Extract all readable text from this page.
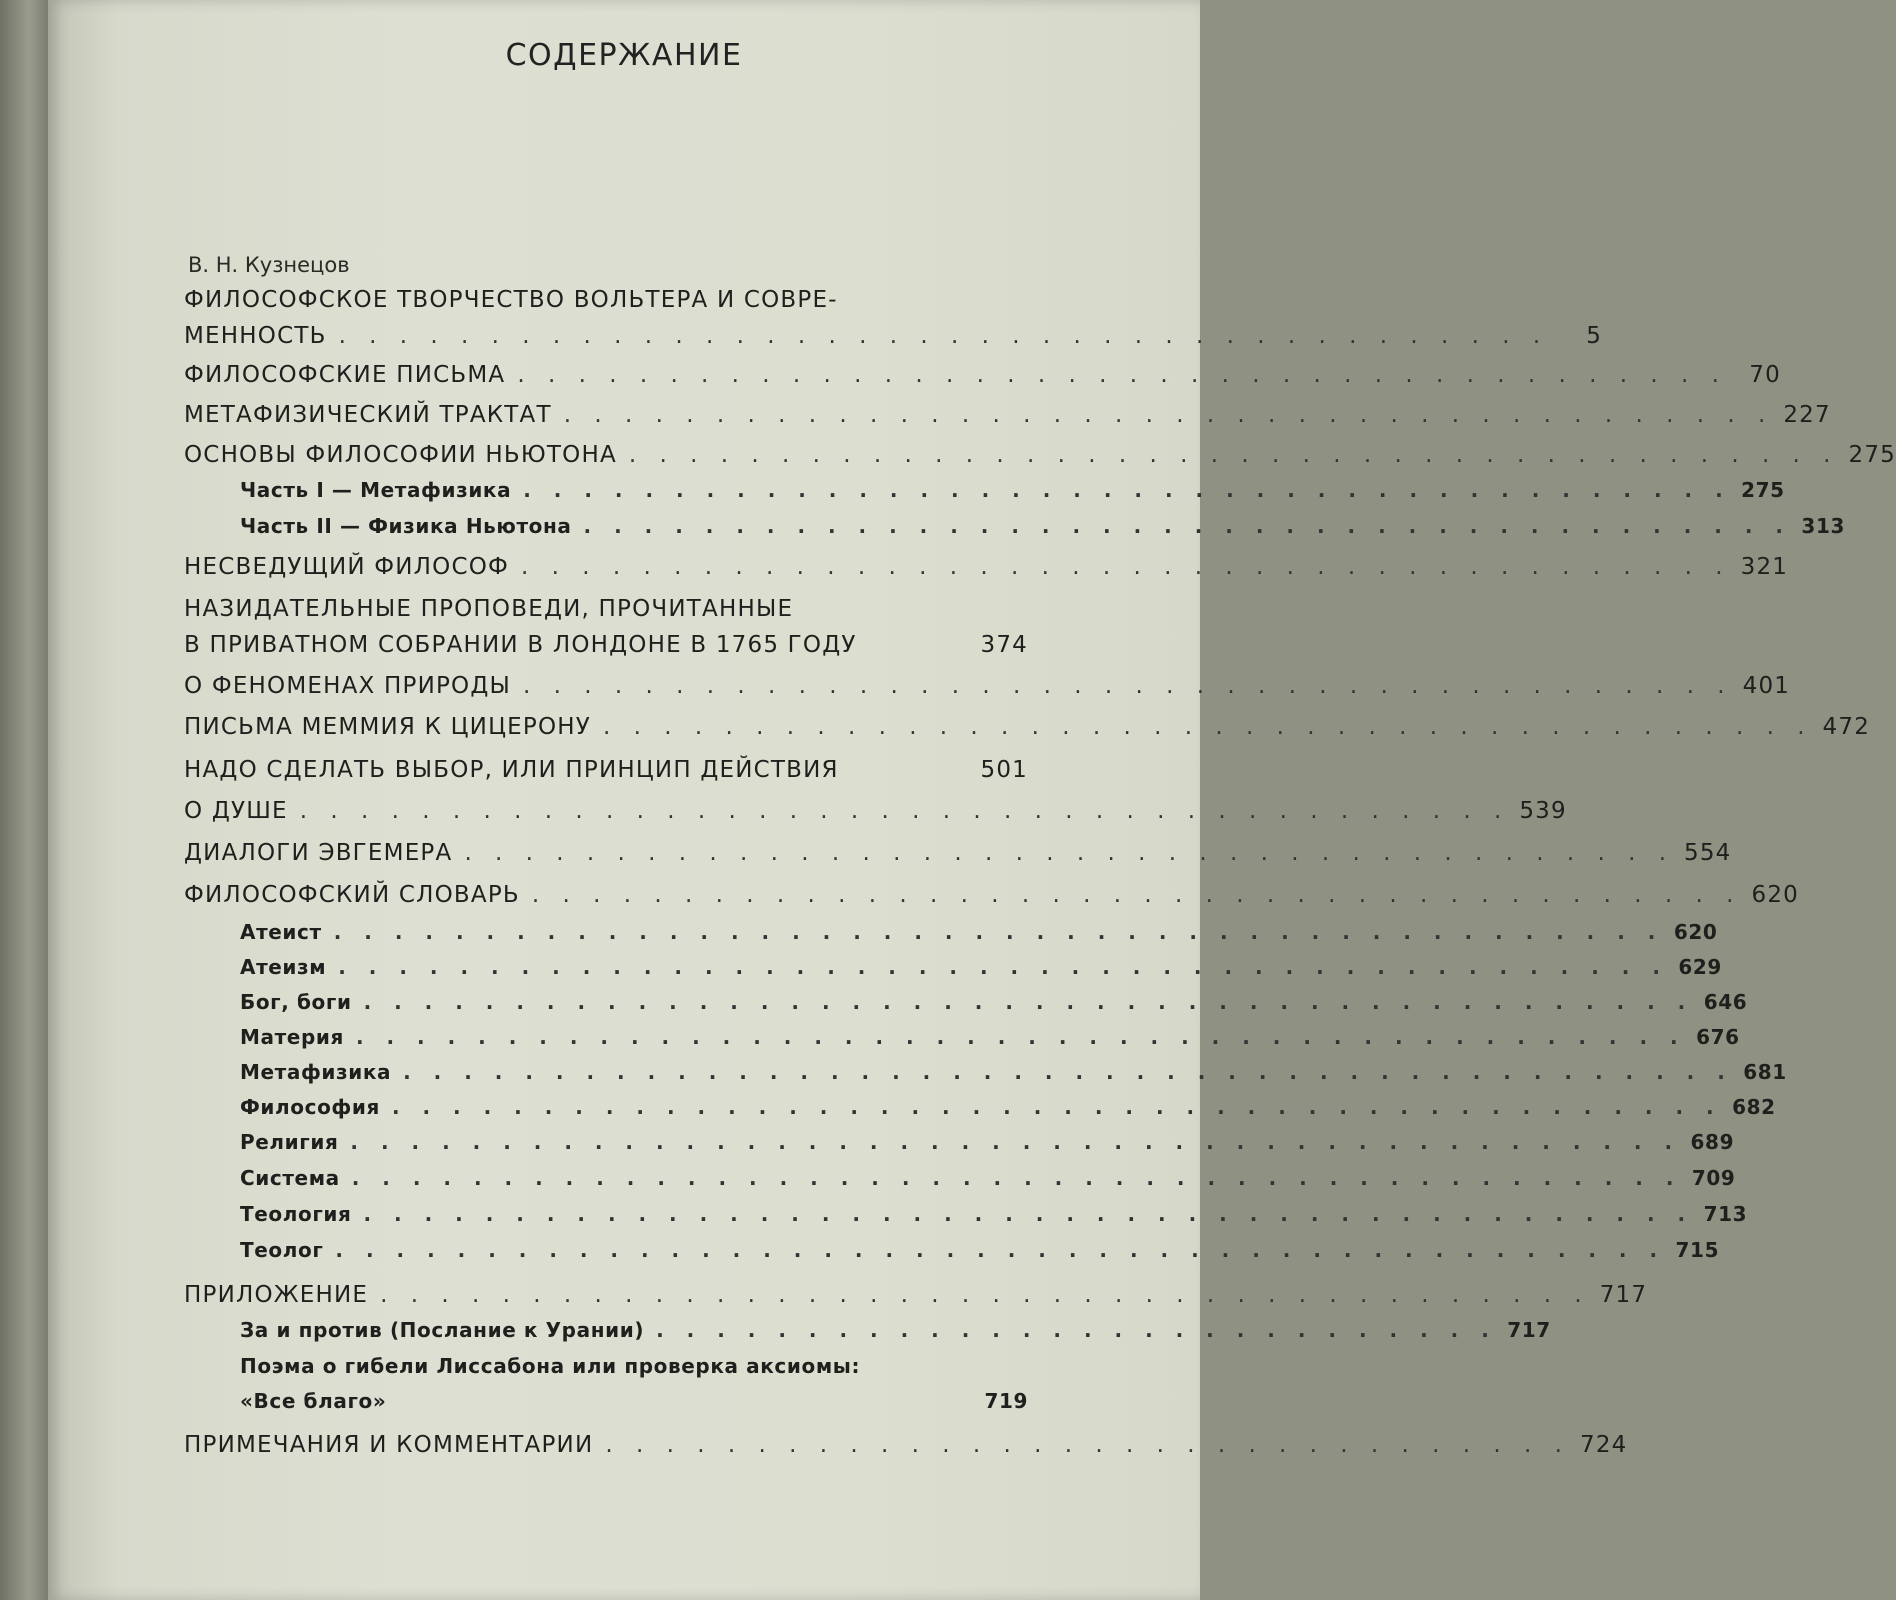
СОДЕРЖАНИЕ
В. Н. Кузнецов
ФИЛОСОФСКОЕ ТВОРЧЕСТВО ВОЛЬТЕРА И СОВРЕ-
МЕННОСТЬ . . . . . . . . . . . . . . . . . . . . . . . . . . . . . . . . . . . . . . . .	5
ФИЛОСОФСКИЕ ПИСЬМА . . . . . . . . . . . . . . . . . . . . . . . . . . . . . . . . . . . . . . . . 70
МЕТАФИЗИЧЕСКИЙ ТРАКТАТ . . . . . . . . . . . . . . . . . . . . . . . . . . . . . . . . . . . . . . . . 227
ОСНОВЫ ФИЛОСОФИИ НЬЮТОНА . . . . . . . . . . . . . . . . . . . . . . . . . . . . . . . . . . . . . . . . 275
Часть I — Метафизика . . . . . . . . . . . . . . . . . . . . . . . . . . . . . . . . . . . . . . . . 275
Часть II — Физика Ньютона . . . . . . . . . . . . . . . . . . . . . . . . . . . . . . . . . . . . . . . . 313
НЕСВЕДУЩИЙ ФИЛОСОФ . . . . . . . . . . . . . . . . . . . . . . . . . . . . . . . . . . . . . . . . 321
НАЗИДАТЕЛЬНЫЕ ПРОПОВЕДИ, ПРОЧИТАННЫЕ
В ПРИВАТНОМ СОБРАНИИ В ЛОНДОНЕ В 1765 ГОДУ	374
О ФЕНОМЕНАХ ПРИРОДЫ . . . . . . . . . . . . . . . . . . . . . . . . . . . . . . . . . . . . . . . . 401
ПИСЬМА МЕММИЯ К ЦИЦЕРОНУ . . . . . . . . . . . . . . . . . . . . . . . . . . . . . . . . . . . . . . . . 472
НАДО СДЕЛАТЬ ВЫБОР, ИЛИ ПРИНЦИП ДЕЙСТВИЯ	501
О ДУШЕ . . . . . . . . . . . . . . . . . . . . . . . . . . . . . . . . . . . . . . . . 539
ДИАЛОГИ ЭВГЕМЕРА . . . . . . . . . . . . . . . . . . . . . . . . . . . . . . . . . . . . . . . . 554
ФИЛОСОФСКИЙ СЛОВАРЬ . . . . . . . . . . . . . . . . . . . . . . . . . . . . . . . . . . . . . . . . 620
Атеист . . . . . . . . . . . . . . . . . . . . . . . . . . . . . . . . . . . . . . . . . . . . 620
Атеизм . . . . . . . . . . . . . . . . . . . . . . . . . . . . . . . . . . . . . . . . . . . . 629
Бог, боги . . . . . . . . . . . . . . . . . . . . . . . . . . . . . . . . . . . . . . . . . . . . 646
Материя . . . . . . . . . . . . . . . . . . . . . . . . . . . . . . . . . . . . . . . . . . . . 676
Метафизика . . . . . . . . . . . . . . . . . . . . . . . . . . . . . . . . . . . . . . . . . . . . 681
Философия . . . . . . . . . . . . . . . . . . . . . . . . . . . . . . . . . . . . . . . . . . . . 682
Религия . . . . . . . . . . . . . . . . . . . . . . . . . . . . . . . . . . . . . . . . . . . . 689
Система . . . . . . . . . . . . . . . . . . . . . . . . . . . . . . . . . . . . . . . . . . . . 709
Теология . . . . . . . . . . . . . . . . . . . . . . . . . . . . . . . . . . . . . . . . . . . . 713
Теолог . . . . . . . . . . . . . . . . . . . . . . . . . . . . . . . . . . . . . . . . . . . . 715
ПРИЛОЖЕНИЕ . . . . . . . . . . . . . . . . . . . . . . . . . . . . . . . . . . . . . . . . 717
За и против (Послание к Урании) . . . . . . . . . . . . . . . . . . . . . . . . . . . . 717
Поэма о гибели Лиссабона или проверка аксиомы:
«Все благо»	719
ПРИМЕЧАНИЯ И КОММЕНТАРИИ . . . . . . . . . . . . . . . . . . . . . . . . . . . . . . . . 724
